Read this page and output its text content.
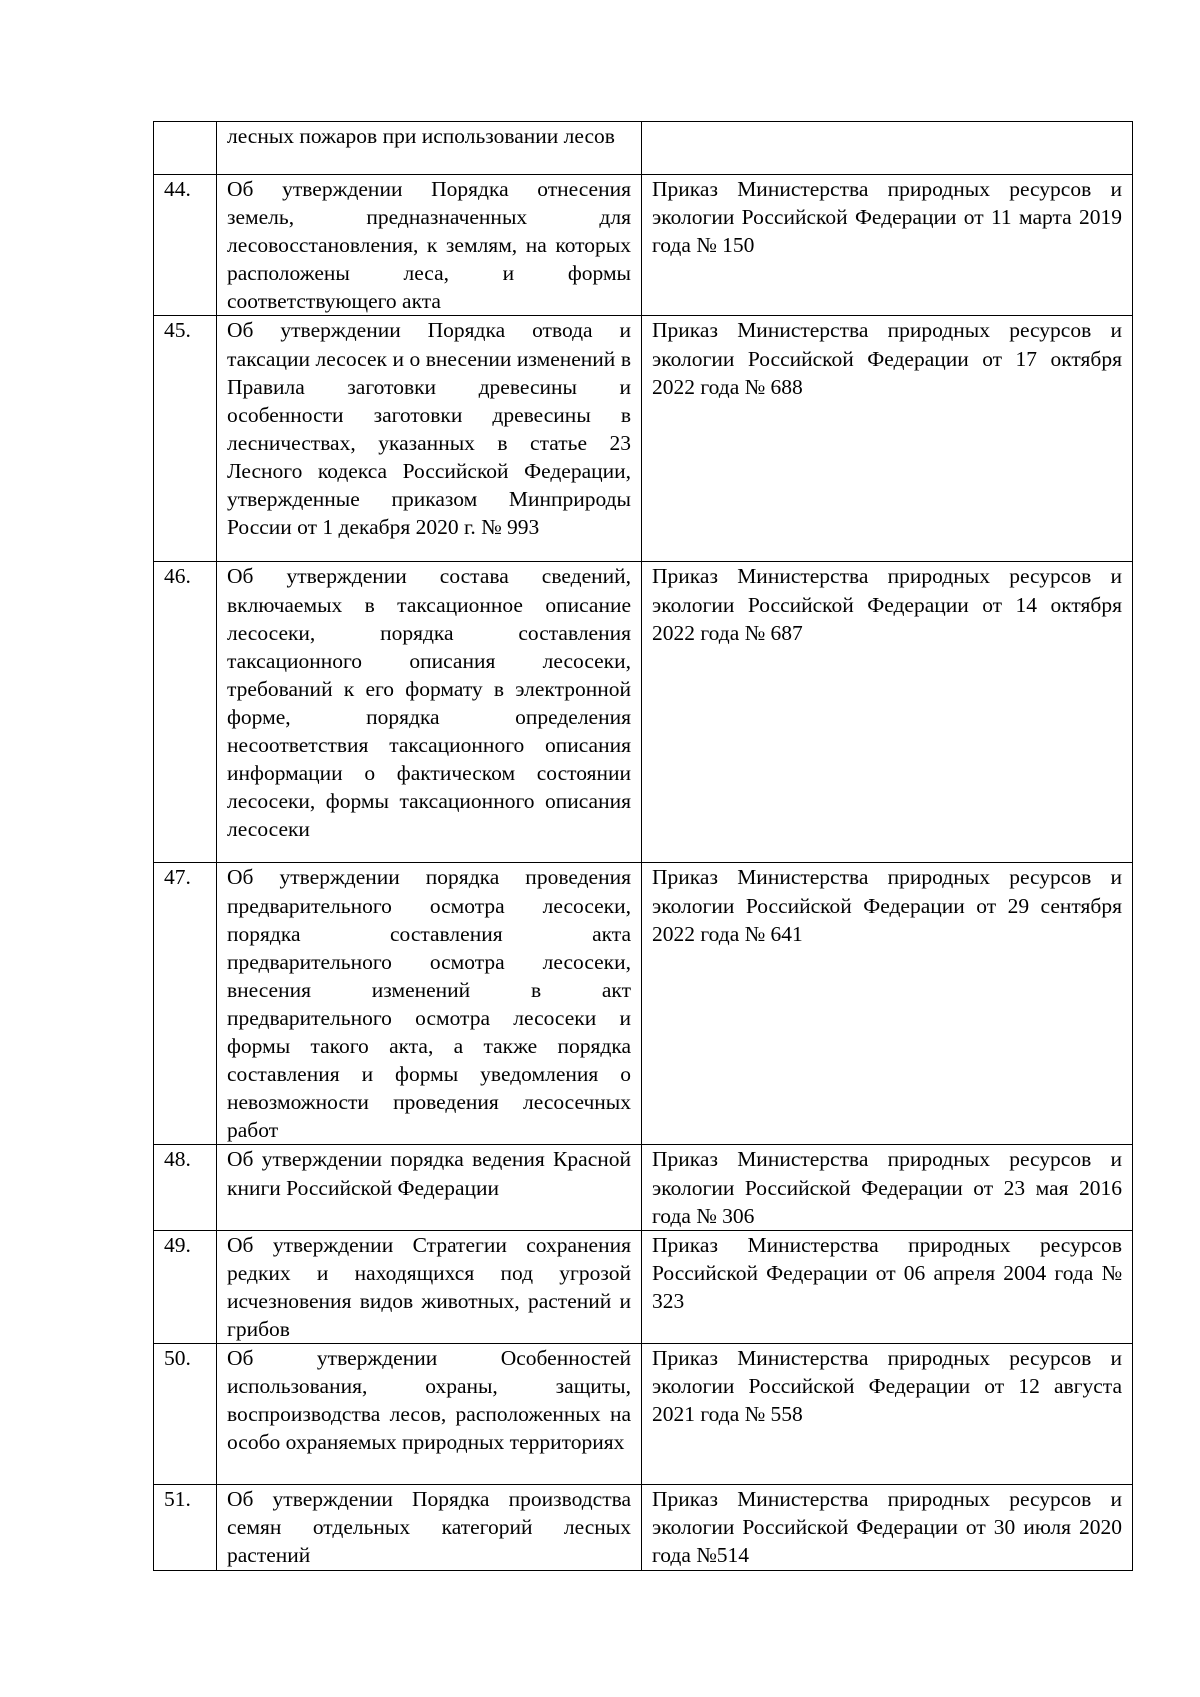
	лесных пожаров при использовании лесов	
44.	Об утверждении Порядка отнесения земель, предназначенных для лесовосстановления, к землям, на которых расположены леса, и формы соответствующего акта	Приказ Министерства природных ресурсов и экологии Российской Федерации от 11 марта 2019 года № 150
45.	Об утверждении Порядка отвода и таксации лесосек и о внесении изменений в Правила заготовки древесины и особенности заготовки древесины в лесничествах, указанных в статье 23 Лесного кодекса Российской Федерации, утвержденные приказом Минприроды России от 1 декабря 2020 г. № 993	Приказ Министерства природных ресурсов и экологии Российской Федерации от 17 октября 2022 года № 688
46.	Об утверждении состава сведений, включаемых в таксационное описание лесосеки, порядка составления таксационного описания лесосеки, требований к его формату в электронной форме, порядка определения несоответствия таксационного описания информации о фактическом состоянии лесосеки, формы таксационного описания лесосеки	Приказ Министерства природных ресурсов и экологии Российской Федерации от 14 октября 2022 года № 687
47.	Об утверждении порядка проведения предварительного осмотра лесосеки, порядка составления акта предварительного осмотра лесосеки, внесения изменений в акт предварительного осмотра лесосеки и формы такого акта, а также порядка составления и формы уведомления о невозможности проведения лесосечных работ	Приказ Министерства природных ресурсов и экологии Российской Федерации от 29 сентября 2022 года № 641
48.	Об утверждении порядка ведения Красной книги Российской Федерации	Приказ Министерства природных ресурсов и экологии Российской Федерации от 23 мая 2016 года № 306
49.	Об утверждении Стратегии сохранения редких и находящихся под угрозой исчезновения видов животных, растений и грибов	Приказ Министерства природных ресурсов Российской Федерации от 06 апреля 2004 года № 323
50.	Об утверждении Особенностей использования, охраны, защиты, воспроизводства лесов, расположенных на особо охраняемых природных территориях	Приказ Министерства природных ресурсов и экологии Российской Федерации от 12 августа 2021 года № 558
51.	Об утверждении Порядка производства семян отдельных категорий лесных растений	Приказ Министерства природных ресурсов и экологии Российской Федерации от 30 июля 2020 года №514
